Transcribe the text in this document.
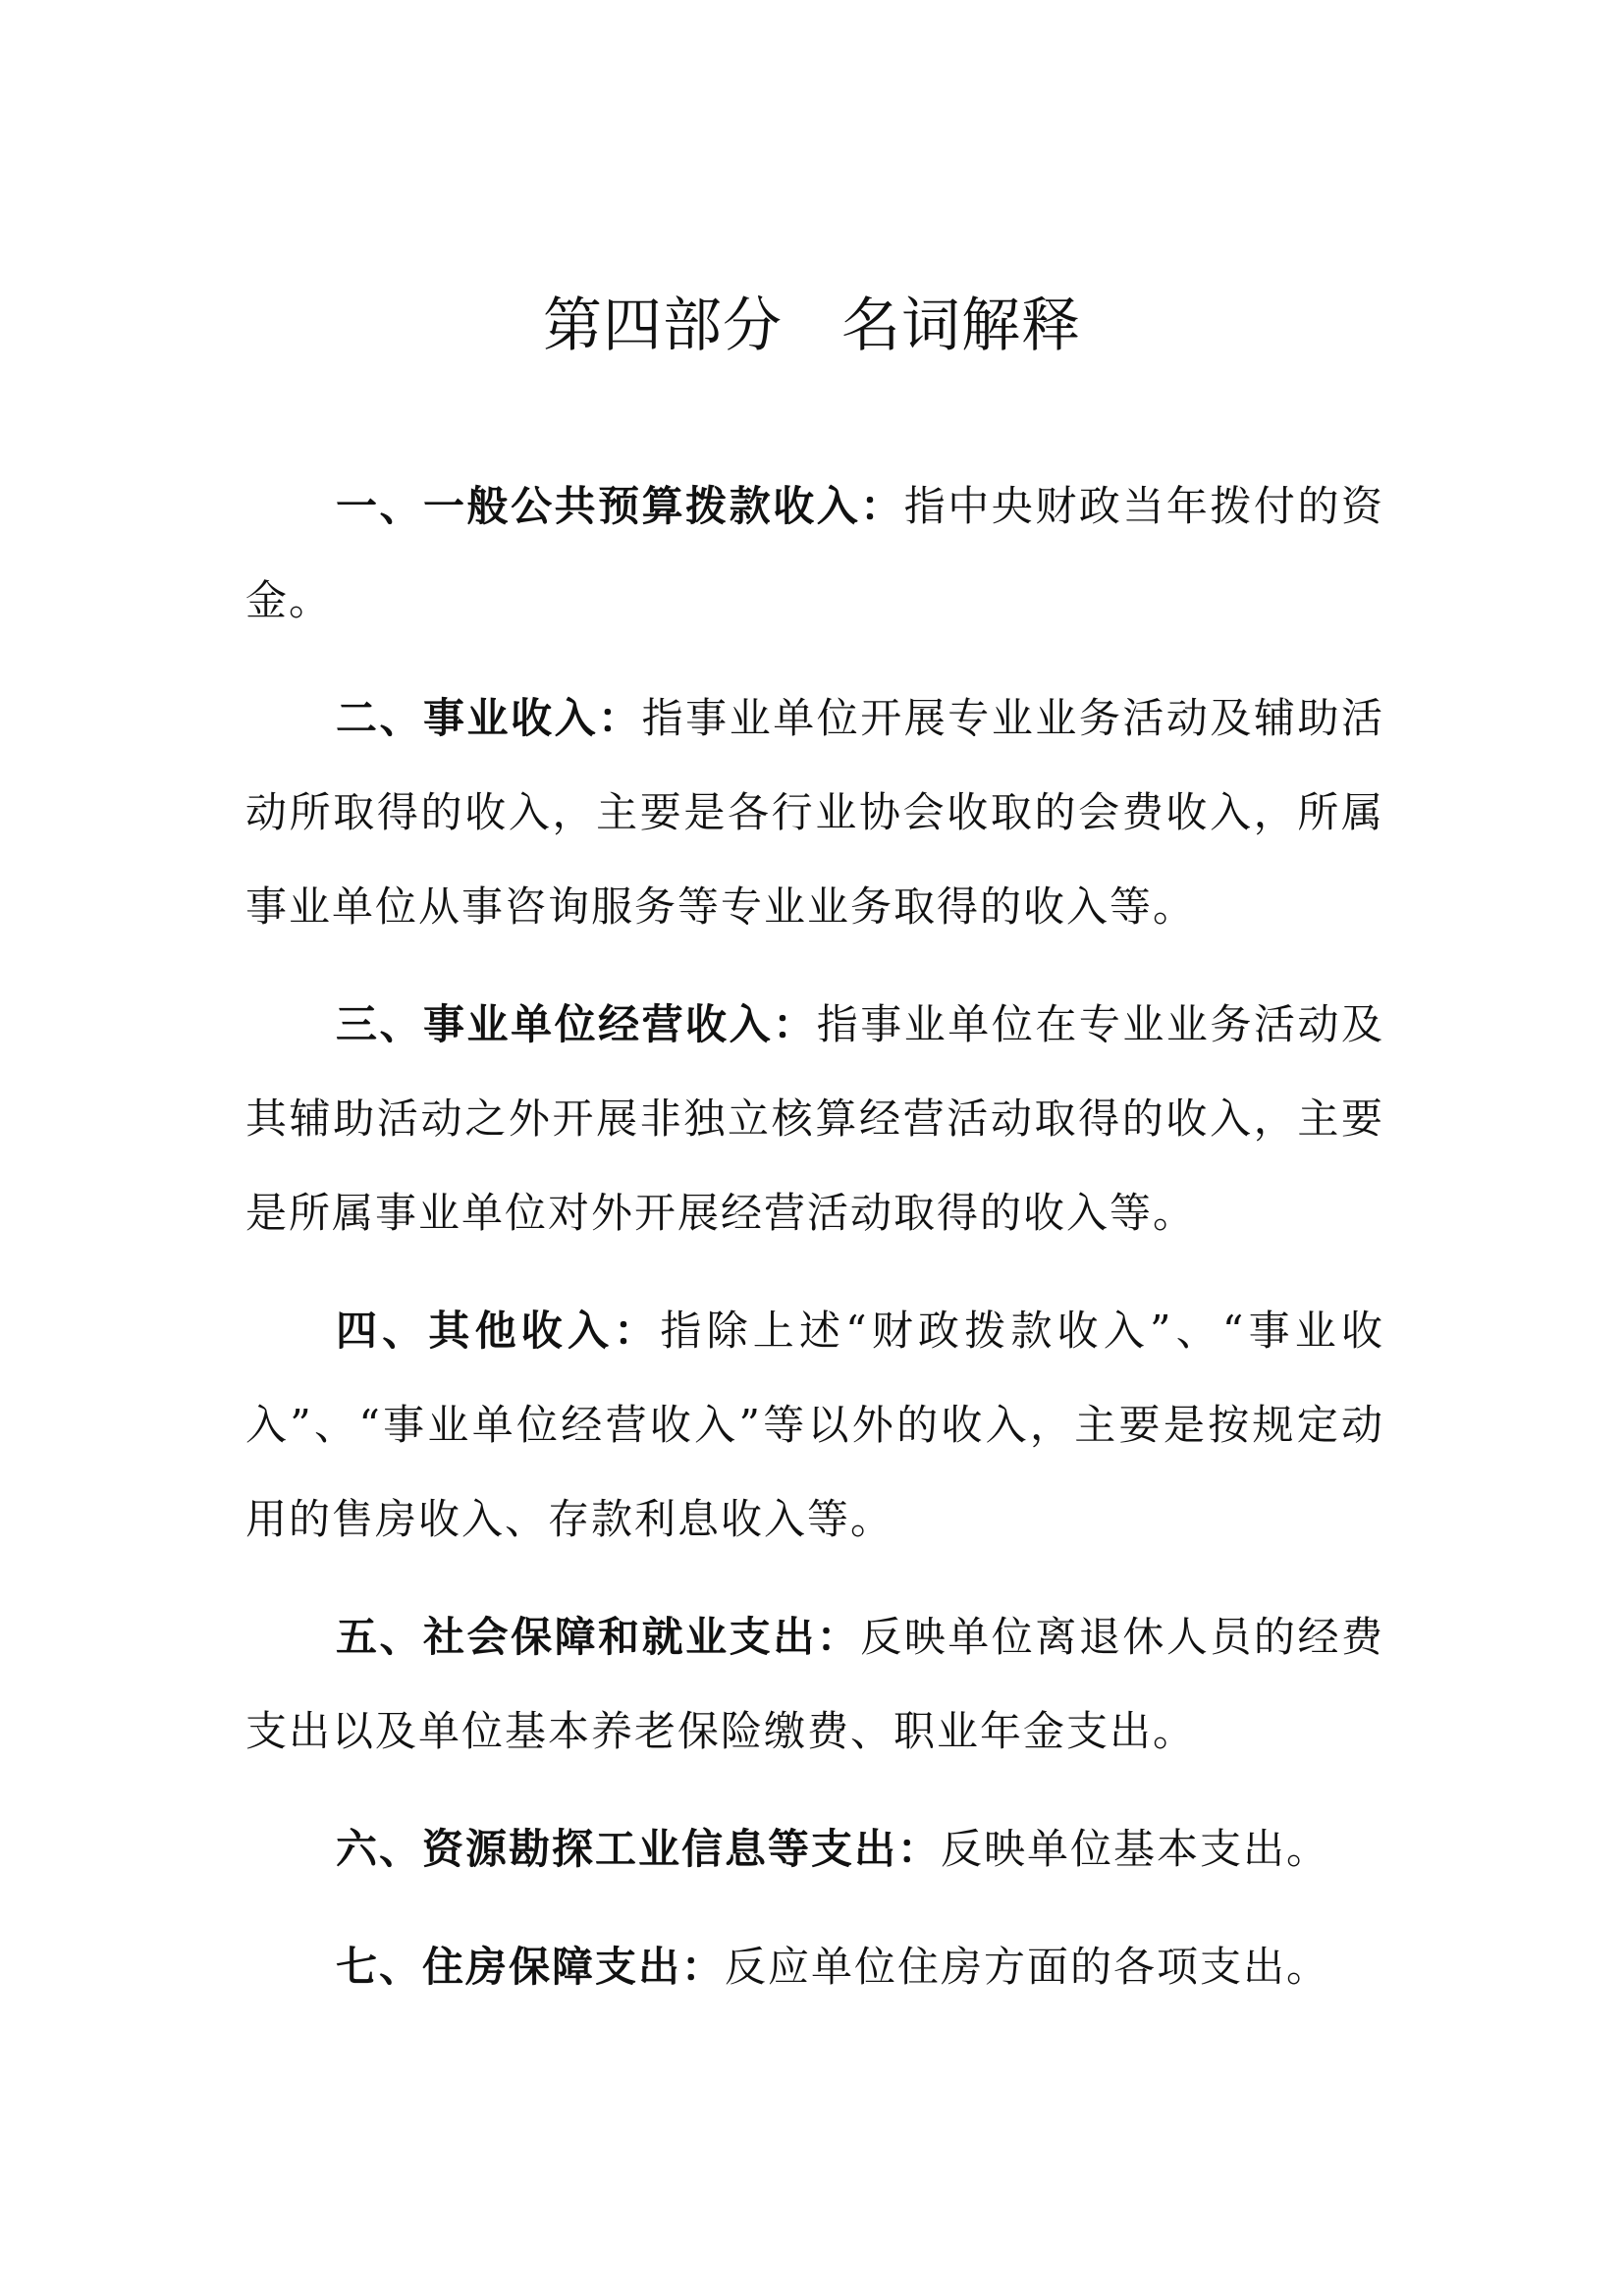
第四部分 名词解释

一、一般公共预算拨款收入：指中央财政当年拨付的资金。

二、事业收入：指事业单位开展专业业务活动及辅助活动所取得的收入，主要是各行业协会收取的会费收入，所属事业单位从事咨询服务等专业业务取得的收入等。

三、事业单位经营收入：指事业单位在专业业务活动及其辅助活动之外开展非独立核算经营活动取得的收入，主要是所属事业单位对外开展经营活动取得的收入等。

四、其他收入：指除上述“财政拨款收入”、“事业收入”、“事业单位经营收入”等以外的收入，主要是按规定动用的售房收入、存款利息收入等。

五、社会保障和就业支出：反映单位离退休人员的经费支出以及单位基本养老保险缴费、职业年金支出。

六、资源勘探工业信息等支出：反映单位基本支出。

七、住房保障支出：反应单位住房方面的各项支出。
